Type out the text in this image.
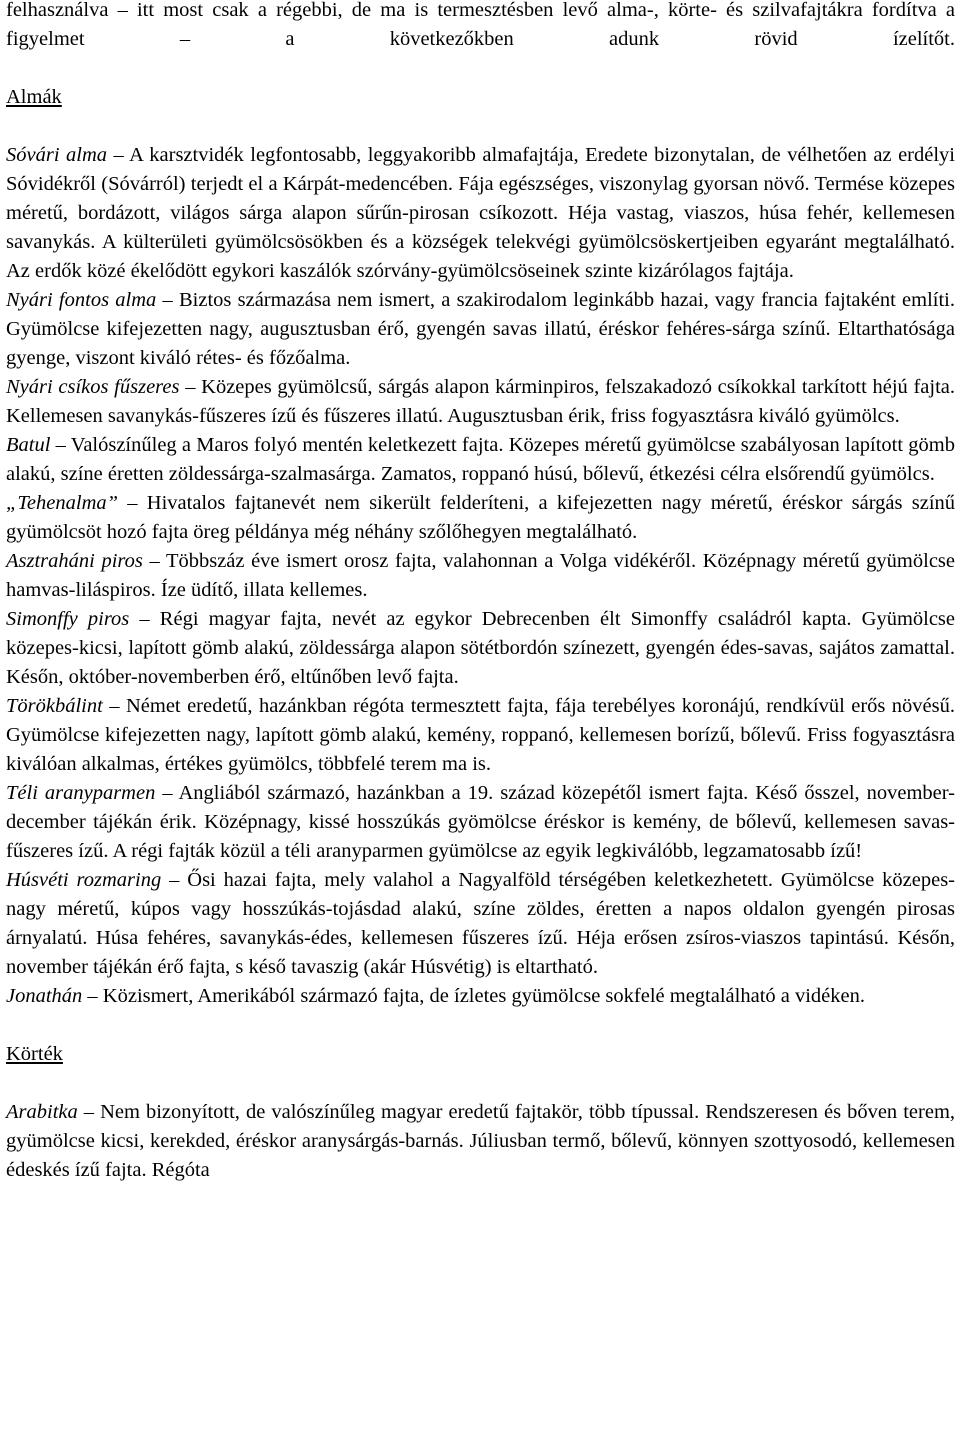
felhasználva – itt most csak a régebbi, de ma is termesztésben levő alma-, körte- és szilvafajtákra fordítva a figyelmet – a következőkben adunk rövid ízelítőt.

Almák

Sóvári alma – A karsztvidék legfontosabb, leggyakoribb almafajtája, Eredete bizonytalan, de vélhetően az erdélyi Sóvidékről (Sóvárról) terjedt el a Kárpát-medencében. Fája egészséges, viszonylag gyorsan növő. Termése közepes méretű, bordázott, világos sárga alapon sűrűn-pirosan csíkozott. Héja vastag, viaszos, húsa fehér, kellemesen savanykás. A külterületi gyümölcsösökben és a községek telekvégi gyümölcsöskertjeiben egyaránt megtalálható. Az erdők közé ékelődött egykori kaszálók szórvány-gyümölcsöseinek szinte kizárólagos fajtája.

Nyári fontos alma – Biztos származása nem ismert, a szakirodalom leginkább hazai, vagy francia fajtaként említi. Gyümölcse kifejezetten nagy, augusztusban érő, gyengén savas illatú, éréskor fehéres-sárga színű. Eltarthatósága gyenge, viszont kiváló rétes- és főzőalma.

Nyári csíkos fűszeres – Közepes gyümölcsű, sárgás alapon kárminpiros, felszakadozó csíkokkal tarkított héjú fajta. Kellemesen savanykás-fűszeres ízű és fűszeres illatú. Augusztusban érik, friss fogyasztásra kiváló gyümölcs.

Batul – Valószínűleg a Maros folyó mentén keletkezett fajta. Közepes méretű gyümölcse szabályosan lapított gömb alakú, színe éretten zöldessárga-szalmasárga. Zamatos, roppanó húsú, bőlevű, étkezési célra elsőrendű gyümölcs.

„Tehenalma” – Hivatalos fajtanevét nem sikerült felderíteni, a kifejezetten nagy méretű, éréskor sárgás színű gyümölcsöt hozó fajta öreg példánya még néhány szőlőhegyen megtalálható.

Asztraháni piros – Többszáz éve ismert orosz fajta, valahonnan a Volga vidékéről. Középnagy méretű gyümölcse hamvas-liláspiros. Íze üdítő, illata kellemes.

Simonffy piros – Régi magyar fajta, nevét az egykor Debrecenben élt Simonffy családról kapta. Gyümölcse közepes-kicsi, lapított gömb alakú, zöldessárga alapon sötétbordón színezett, gyengén édes-savas, sajátos zamattal. Későn, október-novemberben érő, eltűnőben levő fajta.

Törökbálint – Német eredetű, hazánkban régóta termesztett fajta, fája terebélyes koronájú, rendkívül erős növésű. Gyümölcse kifejezetten nagy, lapított gömb alakú, kemény, roppanó, kellemesen borízű, bőlevű. Friss fogyasztásra kiválóan alkalmas, értékes gyümölcs, többfelé terem ma is.

Téli aranyparmen – Angliából származó, hazánkban a 19. század közepétől ismert fajta. Késő ősszel, november-december tájékán érik. Középnagy, kissé hosszúkás gyömölcse éréskor is kemény, de bőlevű, kellemesen savas-fűszeres ízű. A régi fajták közül a téli aranyparmen gyümölcse az egyik legkiválóbb, legzamatosabb ízű!

Húsvéti rozmaring – Ősi hazai fajta, mely valahol a Nagyalföld térségében keletkezhetett. Gyümölcse közepes-nagy méretű, kúpos vagy hosszúkás-tojásdad alakú, színe zöldes, éretten a napos oldalon gyengén pirosas árnyalatú. Húsa fehéres, savanykás-édes, kellemesen fűszeres ízű. Héja erősen zsíros-viaszos tapintású. Későn, november tájékán érő fajta, s késő tavaszig (akár Húsvétig) is eltartható.

Jonathán – Közismert, Amerikából származó fajta, de ízletes gyümölcse sokfelé megtalálható a vidéken.

Körték

Arabitka – Nem bizonyított, de valószínűleg magyar eredetű fajtakör, több típussal. Rendszeresen és bőven terem, gyümölcse kicsi, kerekded, éréskor aranysárgás-barnás. Júliusban termő, bőlevű, könnyen szottyosodó, kellemesen édeskés ízű fajta. Régóta
